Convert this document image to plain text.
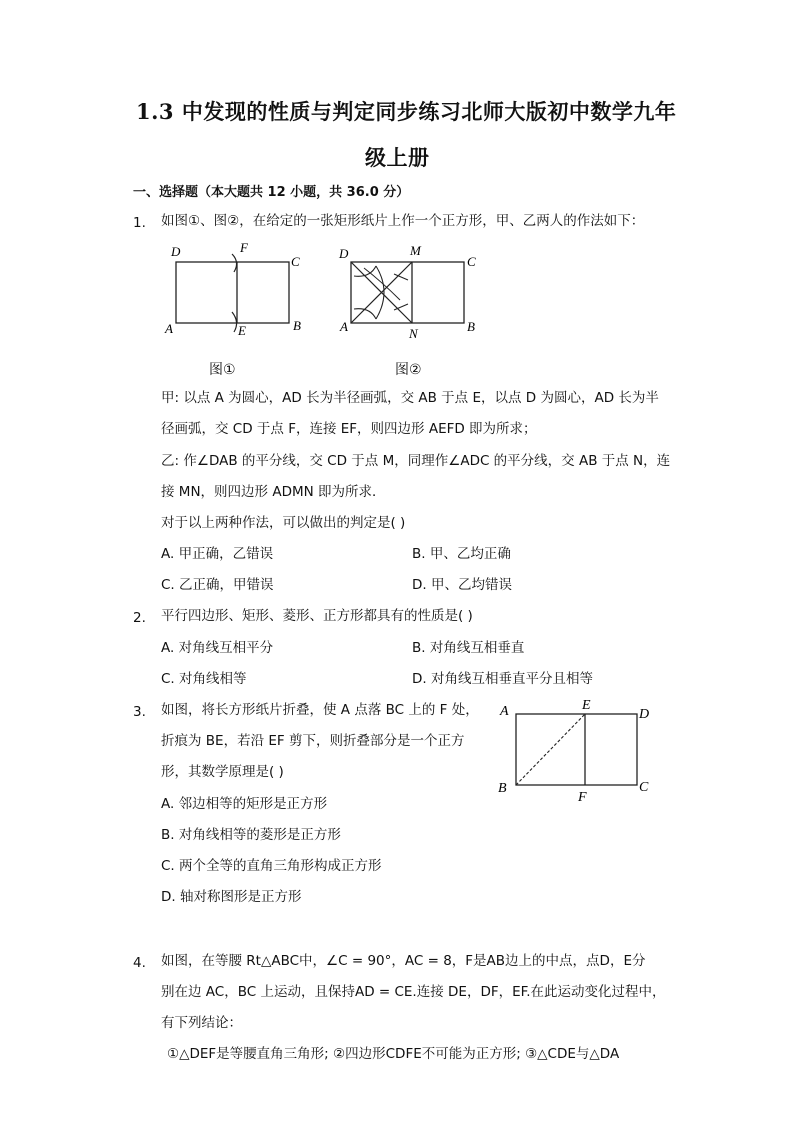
1.3 中发现的性质与判定同步练习北师大版初中数学九年
级上册
一、选择题（本大题共 12 小题，共 36.0 分）
1. 如图①、图②，在给定的一张矩形纸片上作一个正方形，甲、乙两人的作法如下：
D	F
C
A	E	B
D	M
C
A	N	B
图①	图②
甲: 以点 A 为圆心，AD 长为半径画弧，交 AB 于点 E，以点 D 为圆心，AD 长为半
径画弧，交 CD 于点 F，连接 EF，则四边形 AEFD 即为所求；
乙: 作∠DAB 的平分线，交 CD 于点 M，同理作∠ADC 的平分线，交 AB 于点 N，连
接 MN，则四边形 ADMN 即为所求．
对于以上两种作法，可以做出的判定是( )
A. 甲正确，乙错误	B. 甲、乙均正确
C. 乙正确，甲错误	D. 甲、乙均错误
2. 平行四边形、矩形、菱形、正方形都具有的性质是( )
A. 对角线互相平分	B. 对角线互相垂直
C. 对角线相等	D. 对角线互相垂直平分且相等
3. 如图，将长方形纸片折叠，使 A 点落 BC 上的 F 处，
折痕为 BE，若沿 EF 剪下，则折叠部分是一个正方
形，其数学原理是( )
A	E
D
B
F
C
A. 邻边相等的矩形是正方形
B. 对角线相等的菱形是正方形
C. 两个全等的直角三角形构成正方形
D. 轴对称图形是正方形
4. 如图，在等腰 Rt△ABC中，∠C = 90°，AC = 8，F是AB边上的中点，点D，E分
别在边 AC，BC 上运动，且保持AD = CE.连接 DE，DF，EF.在此运动变化过程中，
有下列结论：
①△DEF是等腰直角三角形; ②四边形CDFE不可能为正方形; ③△CDE与△DA
